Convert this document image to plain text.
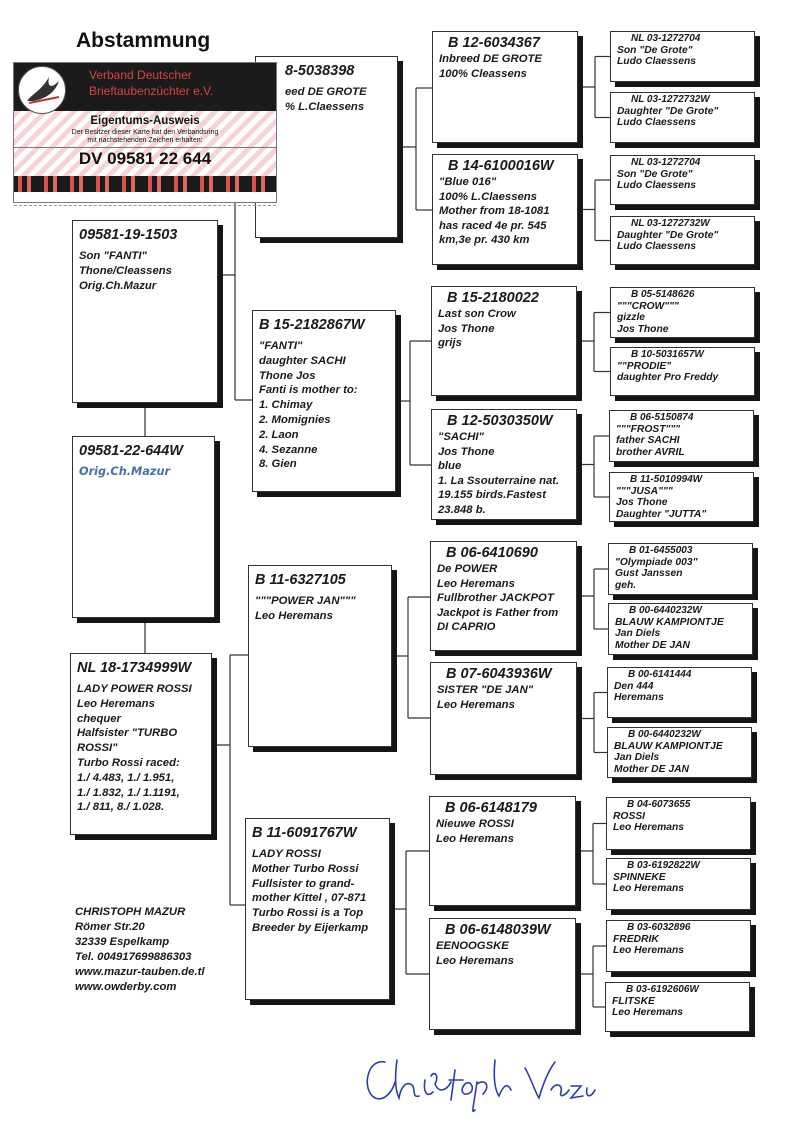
Abstammung
09581-22-644W
Orig.Ch.Mazur
09581-19-1503
Son "FANTI"
Thone/Cleassens
Orig.Ch.Mazur
NL 18-1734999W
LADY POWER ROSSI
Leo Heremans
chequer
Halfsister "TURBO
ROSSI"
Turbo Rossi raced:
1./ 4.483, 1./ 1.951,
1./ 1.832, 1./ 1.1191,
1./ 811, 8./ 1.028.
8-5038398
eed DE GROTE
% L.Claessens
B 15-2182867W
"FANTI"
daughter SACHI
Thone Jos
Fanti is mother to:
1. Chimay
2. Momignies
2. Laon
4. Sezanne
8. Gien
B 11-6327105
"""POWER JAN"""
Leo Heremans
B 11-6091767W
LADY ROSSI
Mother Turbo Rossi
Fullsister to grand-
mother Kittel , 07-871
Turbo Rossi is a Top
Breeder by Eijerkamp
B 12-6034367
Inbreed DE GROTE
100% Cleassens
B 14-6100016W
"Blue 016"
100% L.Claessens
Mother from 18-1081
has raced 4e pr. 545
km,3e pr. 430 km
B 15-2180022
Last son Crow
Jos Thone
grijs
B 12-5030350W
"SACHI"
Jos Thone
blue
1. La Ssouterraine nat.
19.155 birds.Fastest
23.848 b.
B 06-6410690
De POWER
Leo Heremans
Fullbrother JACKPOT
Jackpot is Father from
DI CAPRIO
B 07-6043936W
SISTER "DE JAN"
Leo Heremans
B 06-6148179
Nieuwe ROSSI
Leo Heremans
B 06-6148039W
EENOOGSKE
Leo Heremans
NL 03-1272704
Son "De Grote"
Ludo Claessens
NL 03-1272732W
Daughter "De Grote"
Ludo Claessens
NL 03-1272704
Son "De Grote"
Ludo Claessens
NL 03-1272732W
Daughter "De Grote"
Ludo Claessens
B 05-5148626
"""CROW"""
gizzle
Jos Thone
B 10-5031657W
""PRODIE"
daughter Pro Freddy
B 06-5150874
"""FROST"""
father SACHI
brother AVRIL
B 11-5010994W
"""JUSA"""
Jos Thone
Daughter "JUTTA"
B 01-6455003
"Olympiade 003"
Gust Janssen
geh.
B 00-6440232W
BLAUW KAMPIONTJE
Jan Diels
Mother DE JAN
B 00-6141444
Den 444
Heremans
B 00-6440232W
BLAUW KAMPIONTJE
Jan Diels
Mother DE JAN
B 04-6073655
ROSSI
Leo Heremans
B 03-6192822W
SPINNEKE
Leo Heremans
B 03-6032896
FREDRIK
Leo Heremans
B 03-6192606W
FLITSKE
Leo Heremans
Verband Deutscher
Brieftaubenzüchter e.V.
Eigentums-Ausweis
Der Besitzer dieser Karte hat den Verbandsring
mit nachstehenden Zeichen erhalten:
DV 09581 22 644
CHRISTOPH MAZUR
Römer Str.20
32339 Espelkamp
Tel. 004917699886303
www.mazur-tauben.de.tl
www.owderby.com
